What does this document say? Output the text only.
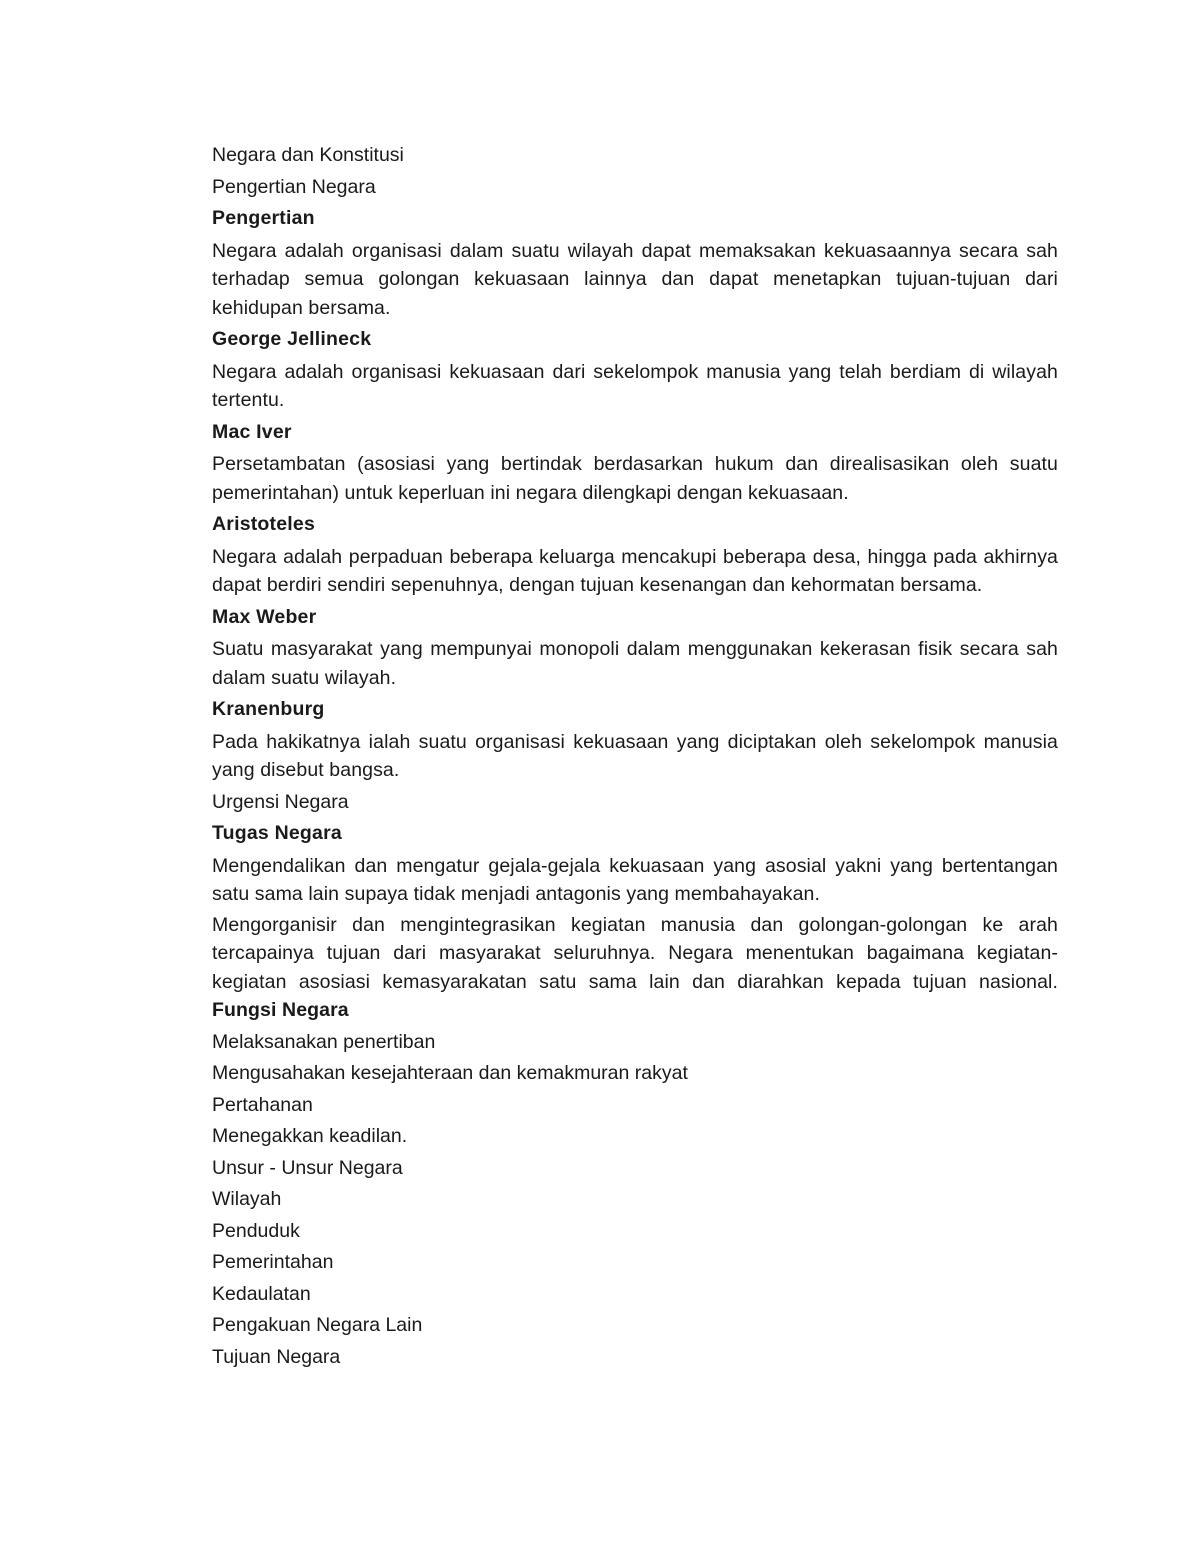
Negara dan Konstitusi
Pengertian Negara
Pengertian
Negara adalah organisasi dalam suatu wilayah dapat memaksakan kekuasaannya secara sah terhadap semua golongan kekuasaan lainnya dan dapat menetapkan tujuan-tujuan dari kehidupan bersama.
George Jellineck
Negara adalah organisasi kekuasaan dari sekelompok manusia yang telah berdiam di wilayah tertentu.
Mac Iver
Persetambatan (asosiasi yang bertindak berdasarkan hukum dan direalisasikan oleh suatu pemerintahan) untuk keperluan ini negara dilengkapi dengan kekuasaan.
Aristoteles
Negara adalah perpaduan beberapa keluarga mencakupi beberapa desa, hingga pada akhirnya dapat berdiri sendiri sepenuhnya, dengan tujuan kesenangan dan kehormatan bersama.
Max Weber
Suatu masyarakat yang mempunyai monopoli dalam menggunakan kekerasan fisik secara sah dalam suatu wilayah.
Kranenburg
Pada hakikatnya ialah suatu organisasi kekuasaan yang diciptakan oleh sekelompok manusia yang disebut bangsa.
Urgensi Negara
Tugas Negara
Mengendalikan dan mengatur gejala-gejala kekuasaan yang asosial yakni yang bertentangan satu sama lain supaya tidak menjadi antagonis yang membahayakan.
Mengorganisir dan mengintegrasikan kegiatan manusia dan golongan-golongan ke arah tercapainya tujuan dari masyarakat seluruhnya. Negara menentukan bagaimana kegiatan-kegiatan asosiasi kemasyarakatan satu sama lain dan diarahkan kepada tujuan nasional. Fungsi Negara
Melaksanakan penertiban
Mengusahakan kesejahteraan dan kemakmuran rakyat
Pertahanan
Menegakkan keadilan.
Unsur - Unsur Negara
Wilayah
Penduduk
Pemerintahan
Kedaulatan
Pengakuan Negara Lain
Tujuan Negara
